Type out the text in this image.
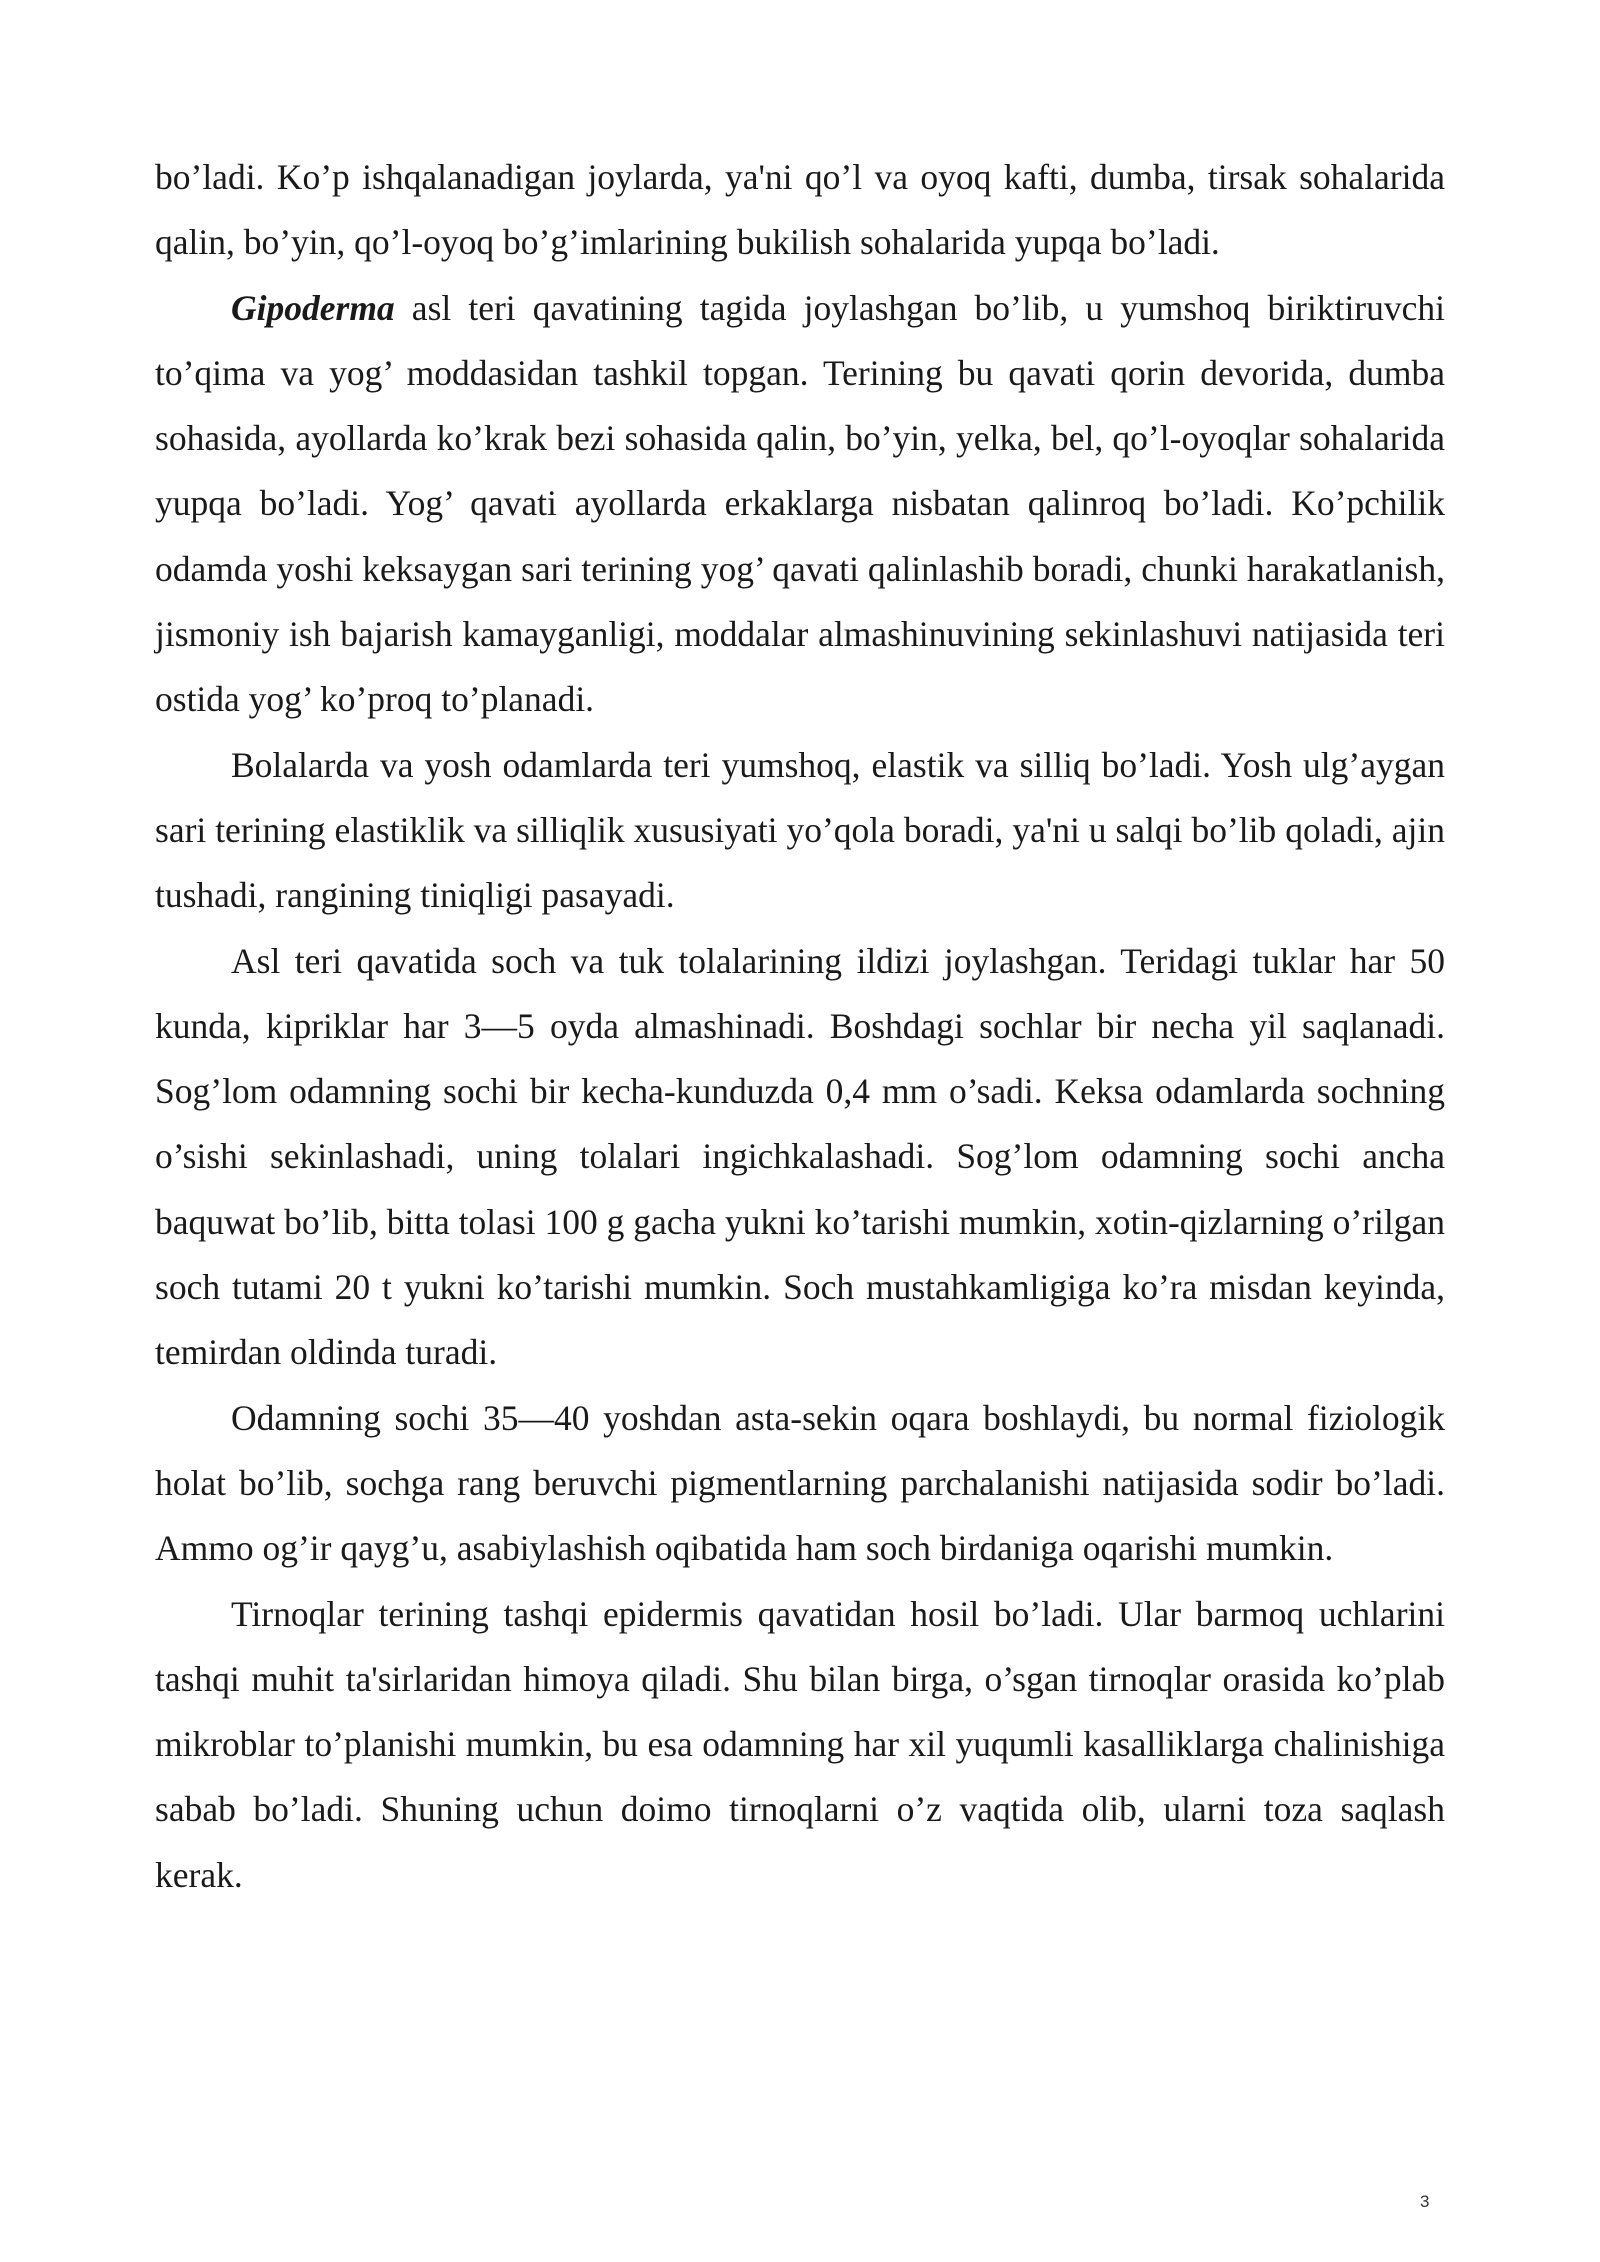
bo’ladi. Ko’p ishqalanadigan joylarda, ya'ni qo’l va oyoq kafti, dumba, tirsak sohalarida qalin, bo’yin, qo’l-oyoq bo’g’imlarining bukilish sohalarida yupqa bo’ladi.

Gipoderma asl teri qavatining tagida joylashgan bo’lib, u yumshoq biriktiruvchi to’qima va yog’ moddasidan tashkil topgan. Terining bu qavati qorin devorida, dumba sohasida, ayollarda ko’krak bezi sohasida qalin, bo’yin, yelka, bel, qo’l-oyoqlar sohalarida yupqa bo’ladi. Yog’ qavati ayollarda erkaklarga nisbatan qalinroq bo’ladi. Ko’pchilik odamda yoshi keksaygan sari terining yog’ qavati qalinlashib boradi, chunki harakatlanish, jismoniy ish bajarish kamayganligi, moddalar almashinuvining sekinlashuvi natijasida teri ostida yog’ ko’proq to’planadi.

Bolalarda va yosh odamlarda teri yumshoq, elastik va silliq bo’ladi. Yosh ulg’aygan sari terining elastiklik va silliqlik xususiyati yo’qola boradi, ya'ni u salqi bo’lib qoladi, ajin tushadi, rangining tiniqligi pasayadi.

Asl teri qavatida soch va tuk tolalarining ildizi joylashgan. Teridagi tuklar har 50 kunda, kipriklar har 3—5 oyda almashinadi. Boshdagi sochlar bir necha yil saqlanadi. Sog’lom odamning sochi bir kecha-kunduzda 0,4 mm o’sadi. Keksa odamlarda sochning o’sishi sekinlashadi, uning tolalari ingichkalashadi. Sog’lom odamning sochi ancha baquwat bo’lib, bitta tolasi 100 g gacha yukni ko’tarishi mumkin, xotin-qizlarning o’rilgan soch tutami 20 t yukni ko’tarishi mumkin. Soch mustahkamligiga ko’ra misdan keyinda, temirdan oldinda turadi.

Odamning sochi 35—40 yoshdan asta-sekin oqara boshlaydi, bu normal fiziologik holat bo’lib, sochga rang beruvchi pigmentlarning parchalanishi natijasida sodir bo’ladi. Ammo og’ir qayg’u, asabiylashish oqibatida ham soch birdaniga oqarishi mumkin.

Tirnoqlar terining tashqi epidermis qavatidan hosil bo’ladi. Ular barmoq uchlarini tashqi muhit ta'sirlaridan himoya qiladi. Shu bilan birga, o’sgan tirnoqlar orasida ko’plab mikroblar to’planishi mumkin, bu esa odamning har xil yuqumli kasalliklarga chalinishiga sabab bo’ladi. Shuning uchun doimo tirnoqlarni o’z vaqtida olib, ularni toza saqlash kerak.

3
